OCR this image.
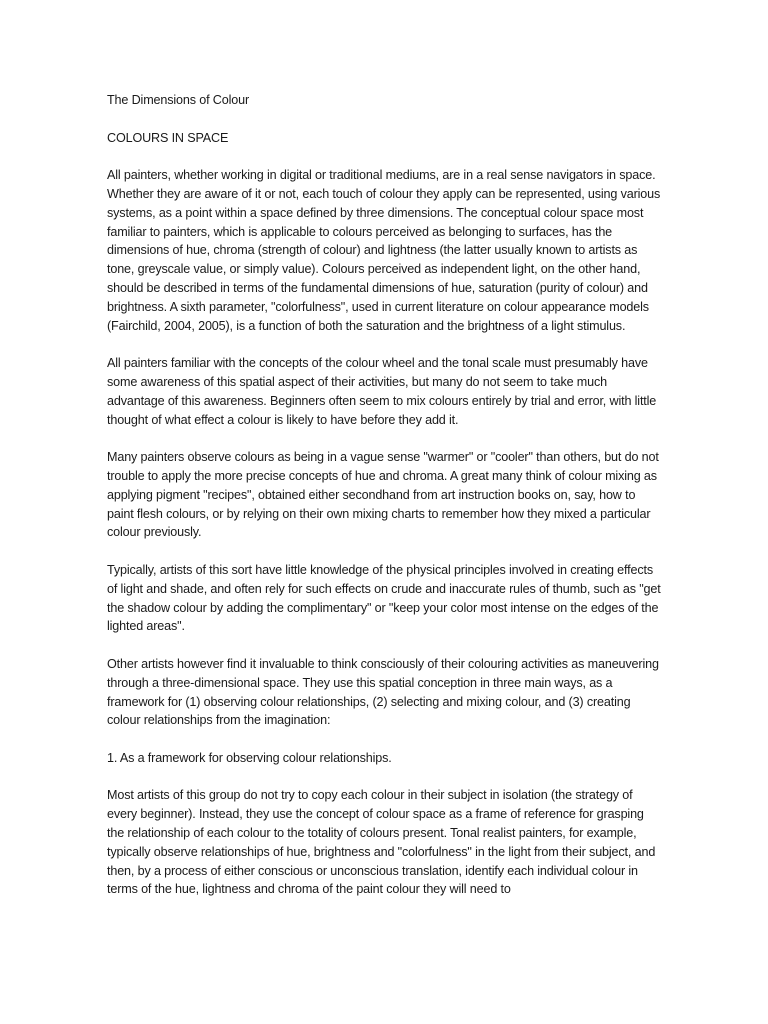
The Dimensions of Colour

COLOURS IN SPACE

All painters, whether working in digital or traditional mediums, are in a real sense navigators in space. Whether they are aware of it or not, each touch of colour they apply can be represented, using various systems, as a point within a space defined by three dimensions. The conceptual colour space most familiar to painters, which is applicable to colours perceived as belonging to surfaces, has the dimensions of hue, chroma (strength of colour) and lightness (the latter usually known to artists as tone, greyscale value, or simply value). Colours perceived as independent light, on the other hand, should be described in terms of the fundamental dimensions of hue, saturation (purity of colour) and brightness. A sixth parameter, "colorfulness", used in current literature on colour appearance models (Fairchild, 2004, 2005), is a function of both the saturation and the brightness of a light stimulus.

All painters familiar with the concepts of the colour wheel and the tonal scale must presumably have some awareness of this spatial aspect of their activities, but many do not seem to take much advantage of this awareness. Beginners often seem to mix colours entirely by trial and error, with little thought of what effect a colour is likely to have before they add it.

Many painters observe colours as being in a vague sense "warmer" or "cooler" than others, but do not trouble to apply the more precise concepts of hue and chroma. A great many think of colour mixing as applying pigment "recipes", obtained either secondhand from art instruction books on, say, how to paint flesh colours, or by relying on their own mixing charts to remember how they mixed a particular colour previously.

Typically, artists of this sort have little knowledge of the physical principles involved in creating effects of light and shade, and often rely for such effects on crude and inaccurate rules of thumb, such as "get the shadow colour by adding the complimentary" or "keep your color most intense on the edges of the lighted areas".

Other artists however find it invaluable to think consciously of their colouring activities as maneuvering through a three-dimensional space. They use this spatial conception in three main ways, as a framework for (1) observing colour relationships, (2) selecting and mixing colour, and (3) creating colour relationships from the imagination:

1. As a framework for observing colour relationships.

Most artists of this group do not try to copy each colour in their subject in isolation (the strategy of every beginner). Instead, they use the concept of colour space as a frame of reference for grasping the relationship of each colour to the totality of colours present. Tonal realist painters, for example, typically observe relationships of hue, brightness and "colorfulness" in the light from their subject, and then, by a process of either conscious or unconscious translation, identify each individual colour in terms of the hue, lightness and chroma of the paint colour they will need to
